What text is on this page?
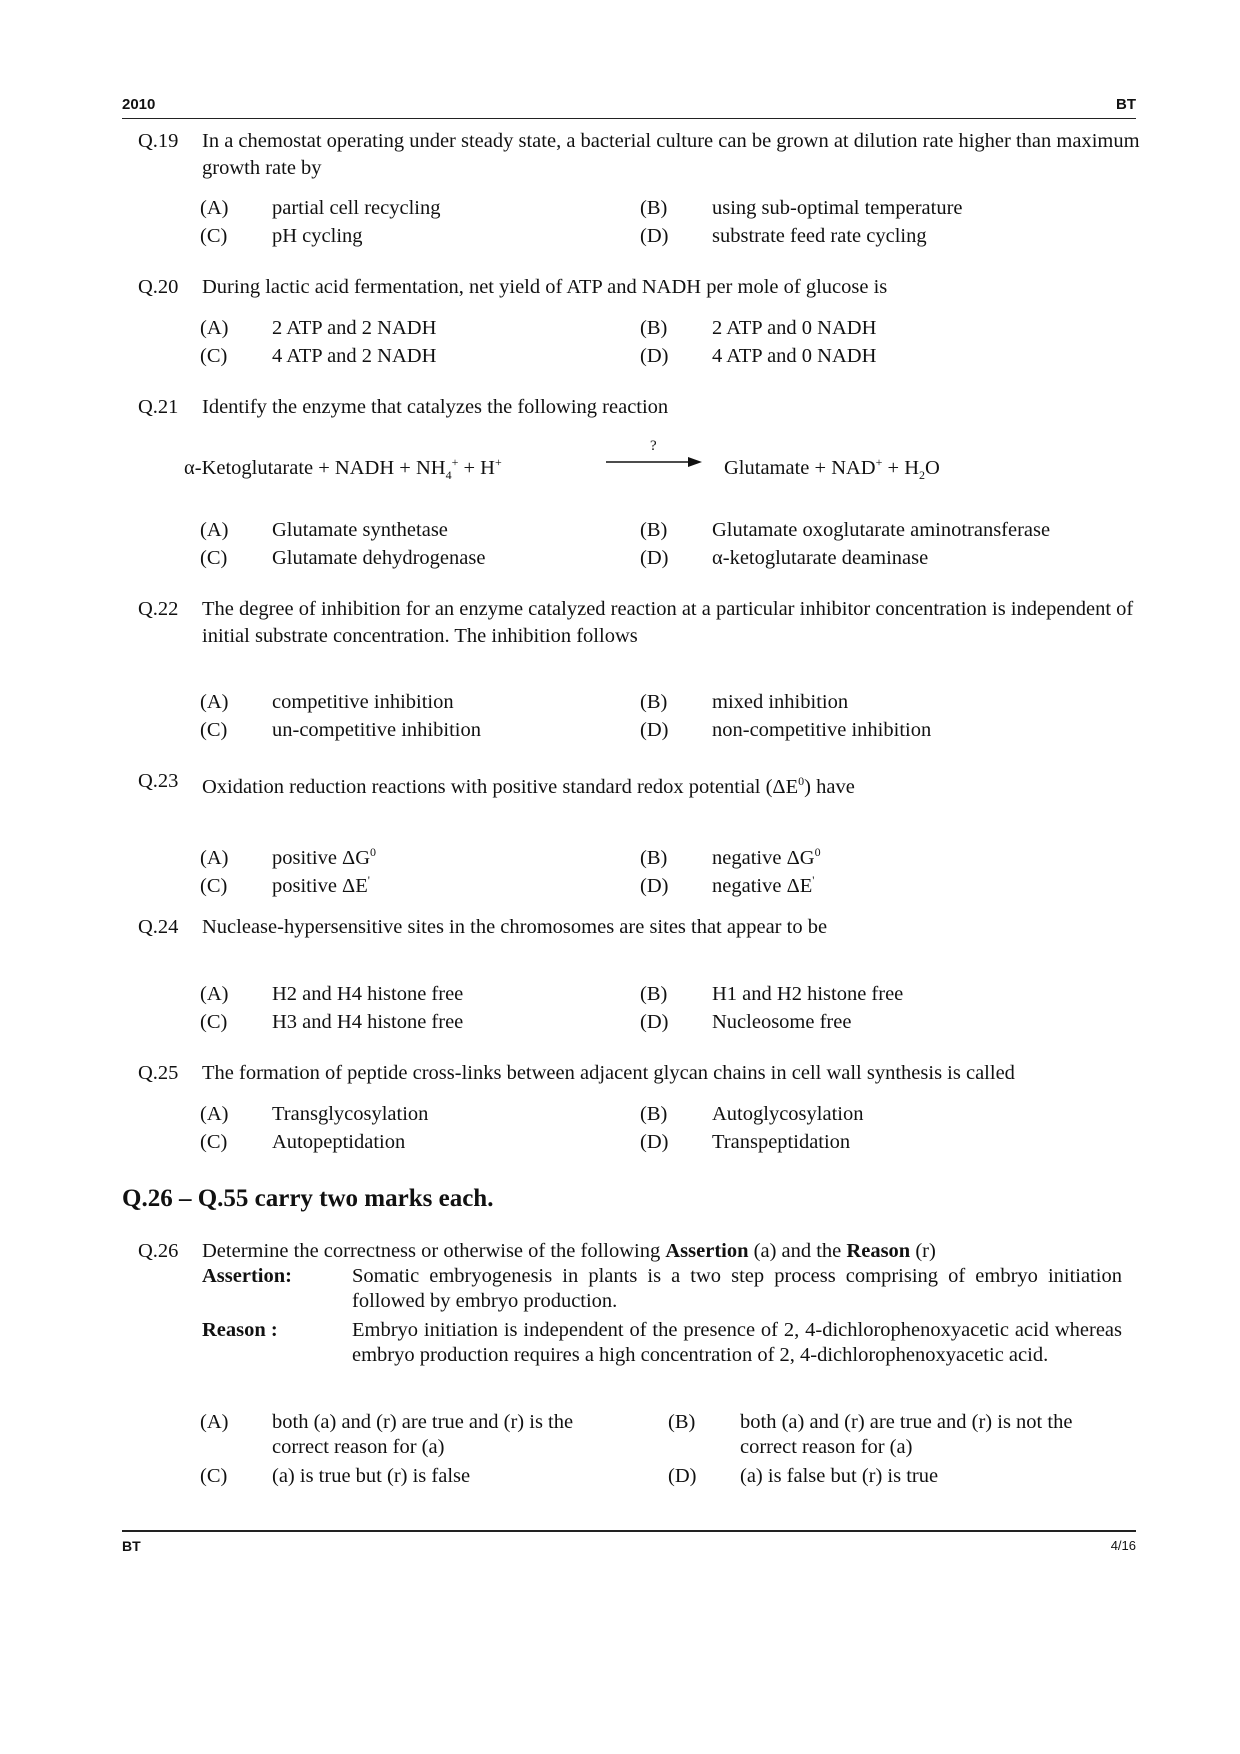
2010	BT
Q.19 In a chemostat operating under steady state, a bacterial culture can be grown at dilution rate higher than maximum growth rate by
(A) partial cell recycling	(B) using sub-optimal temperature
(C) pH cycling	(D) substrate feed rate cycling
Q.20 During lactic acid fermentation, net yield of ATP and NADH per mole of glucose is
(A) 2 ATP and 2 NADH	(B) 2 ATP and 0 NADH
(C) 4 ATP and 2 NADH	(D) 4 ATP and 0 NADH
Q.21 Identify the enzyme that catalyzes the following reaction
α-Ketoglutarate + NADH + $NH_4^+ + H^+$
?
Glutamate + $NAD^+ + H_2O$
(A) Glutamate synthetase	(B) Glutamate oxoglutarate aminotransferase
(C) Glutamate dehydrogenase	(D) α-ketoglutarate deaminase
Q.22 The degree of inhibition for an enzyme catalyzed reaction at a particular inhibitor concentration is independent of initial substrate concentration. The inhibition follows
(A) competitive inhibition	(B) mixed inhibition
(C) un-competitive inhibition	(D) non-competitive inhibition
Q.23 Oxidation reduction reactions with positive standard redox potential $(\Delta E^0)$ have
(A) positive $\Delta G^0$	(B) negative $\Delta G^0$
(C) positive ΔE'	(D) negative ΔE'
Q.24 Nuclease-hypersensitive sites in the chromosomes are sites that appear to be
(A) H2 and H4 histone free	(B) H1 and H2 histone free
(C) H3 and H4 histone free	(D) Nucleosome free
Q.25 The formation of peptide cross-links between adjacent glycan chains in cell wall synthesis is called
(A) Transglycosylation	(B) Autoglycosylation
(C) Autopeptidation	(D) Transpeptidation
Q.26 – Q.55 carry two marks each.
Q.26 Determine the correctness or otherwise of the following Assertion (a) and the Reason (r)
Assertion:	Somatic embryogenesis in plants is a two step process comprising of embryo initiation followed by embryo production.
Reason :	Embryo initiation is independent of the presence of 2, 4-dichlorophenoxyacetic acid whereas embryo production requires a high concentration of 2, 4-dichlorophenoxyacetic acid.
(A) both (a) and (r) are true and (r) is the correct reason for (a)
(B) both (a) and (r) are true and (r) is not the correct reason for (a)
(C) (a) is true but (r) is false	(D) (a) is false but (r) is true
BT	4/16
